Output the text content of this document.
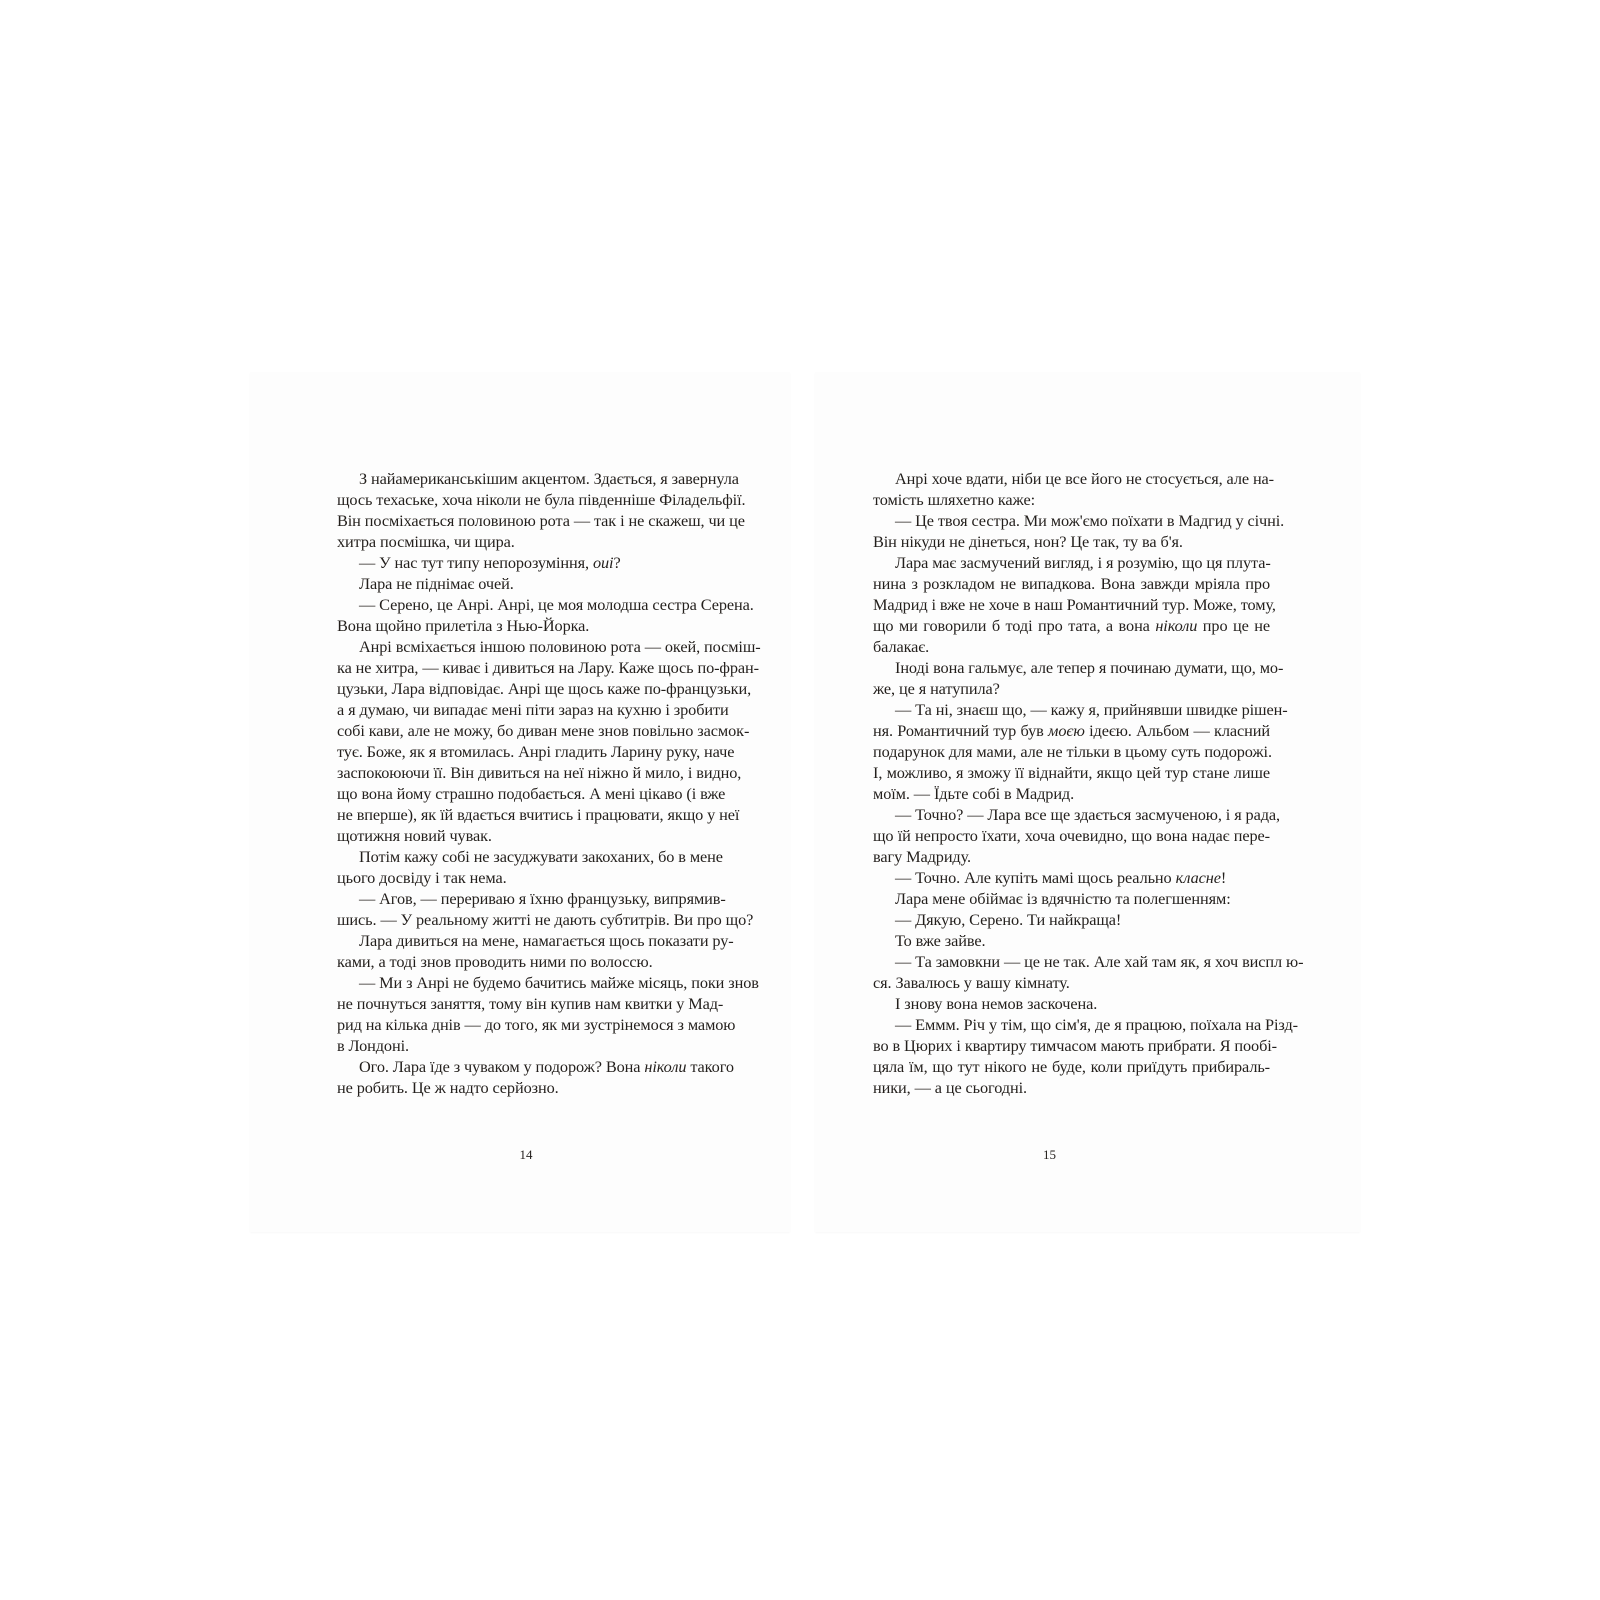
З найамериканськішим акцентом. Здається, я завернула
щось техаське, хоча ніколи не була південніше Філадельфії.
Він посміхається половиною рота — так і не скажеш, чи це
хитра посмішка, чи щира.
— У нас тут типу непорозуміння, oui?
Лара не піднімає очей.
— Серено, це Анрі. Анрі, це моя молодша сестра Серена.
Вона щойно прилетіла з Нью-Йорка.
Анрі всміхається іншою половиною рота — окей, посміш-
ка не хитра, — киває і дивиться на Лару. Каже щось по-фран-
цузьки, Лара відповідає. Анрі ще щось каже по-французьки,
а я думаю, чи випадає мені піти зараз на кухню і зробити
собі кави, але не можу, бо диван мене знов повільно засмок-
тує. Боже, як я втомилась. Анрі гладить Ларину руку, наче
заспокоюючи її. Він дивиться на неї ніжно й мило, і видно,
що вона йому страшно подобається. А мені цікаво (і вже
не вперше), як їй вдається вчитись і працювати, якщо у неї
щотижня новий чувак.
Потім кажу собі не засуджувати закоханих, бо в мене
цього досвіду і так нема.
— Агов, — перериваю я їхню французьку, випрямив-
шись. — У реальному житті не дають субтитрів. Ви про що?
Лара дивиться на мене, намагається щось показати ру-
ками, а тоді знов проводить ними по волоссю.
— Ми з Анрі не будемо бачитись майже місяць, поки знов
не почнуться заняття, тому він купив нам квитки у Мад-
рид на кілька днів — до того, як ми зустрінемося з мамою
в Лондоні.
Ого. Лара їде з чуваком у подорож? Вона ніколи такого
не робить. Це ж надто серйозно.
14
Анрі хоче вдати, ніби це все його не стосується, але на-
томість шляхетно каже:
— Це твоя сестра. Ми мож'ємо поїхати в Мадгид у січні.
Він нікуди не дінеться, нон? Це так, ту ва б'я.
Лара має засмучений вигляд, і я розумію, що ця плута-
нина з розкладом не випадкова. Вона завжди мріяла про
Мадрид і вже не хоче в наш Романтичний тур. Може, тому,
що ми говорили б тоді про тата, а вона ніколи про це не
балакає.
Іноді вона гальмує, але тепер я починаю думати, що, мо-
же, це я натупила?
— Та ні, знаєш що, — кажу я, прийнявши швидке рішен-
ня. Романтичний тур був моєю ідеєю. Альбом — класний
подарунок для мами, але не тільки в цьому суть подорожі.
І, можливо, я зможу її віднайти, якщо цей тур стане лише
моїм. — Їдьте собі в Мадрид.
— Точно? — Лара все ще здається засмученою, і я рада,
що їй непросто їхати, хоча очевидно, що вона надає пере-
вагу Мадриду.
— Точно. Але купіть мамі щось реально класне!
Лара мене обіймає із вдячністю та полегшенням:
— Дякую, Серено. Ти найкраща!
То вже зайве.
— Та замовкни — це не так. Але хай там як, я хоч виспл ю-
ся. Завалюсь у вашу кімнату.
І знову вона немов заскочена.
— Еммм. Річ у тім, що сім'я, де я працюю, поїхала на Різд-
во в Цюрих і квартиру тимчасом мають прибрати. Я пообі-
цяла їм, що тут нікого не буде, коли приїдуть прибираль-
ники, — а це сьогодні.
15
